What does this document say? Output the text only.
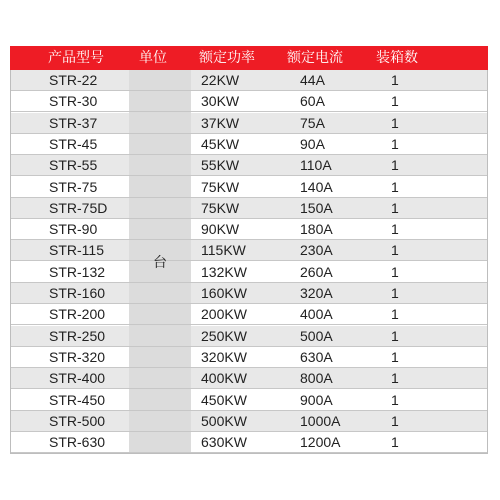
产品型号	单位 额定功率 额定电流 装箱数
STR-22	22KW	44A	1
STR-30	30KW	60A	1
STR-37	37KW	75A	1
STR-45	45KW	90A	1
STR-55	55KW	110A	1
STR-75	75KW	140A	1
STR-75D	75KW	150A	1
STR-90	90KW	180A	1
STR-115	115KW	230A	1
STR-132	132KW	260A	1
STR-160	160KW	320A	1
STR-200	200KW	400A	1
STR-250	250KW	500A	1
STR-320	320KW	630A	1
STR-400	400KW	800A	1
STR-450	450KW	900A	1
STR-500	500KW	1000A	1
STR-630	630KW	1200A	1
台
